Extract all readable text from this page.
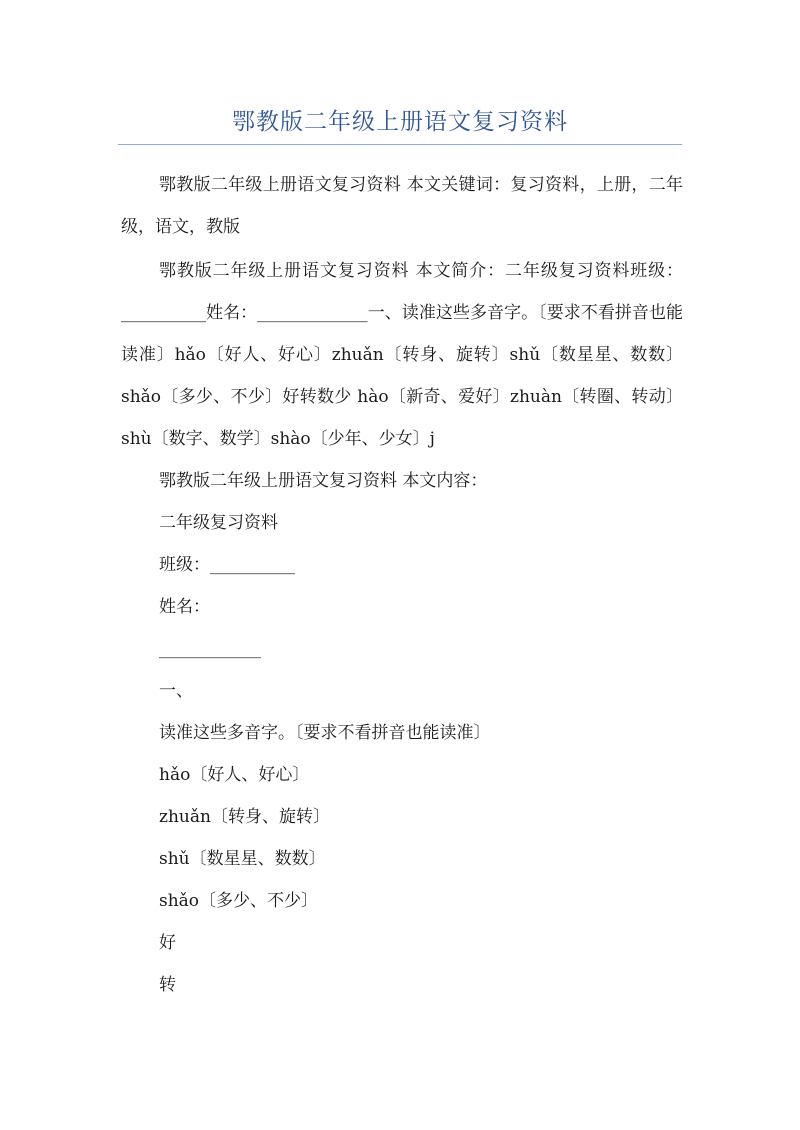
鄂教版二年级上册语文复习资料

鄂教版二年级上册语文复习资料 本文关键词：复习资料，上册，二年级，语文，教版

鄂教版二年级上册语文复习资料 本文简介：二年级复习资料班级：__________姓名：_____________一、读准这些多音字。〔要求不看拼音也能读准〕hǎo〔好人、好心〕zhuǎn〔转身、旋转〕shǔ〔数星星、数数〕shǎo〔多少、不少〕好转数少 hào〔新奇、爱好〕zhuàn〔转圈、转动〕shù〔数字、数学〕shào〔少年、少女〕j

鄂教版二年级上册语文复习资料 本文内容：

二年级复习资料

班级：__________

姓名：

____________

一、

读准这些多音字。〔要求不看拼音也能读准〕

hǎo〔好人、好心〕

zhuǎn〔转身、旋转〕

shǔ〔数星星、数数〕

shǎo〔多少、不少〕

好

转
